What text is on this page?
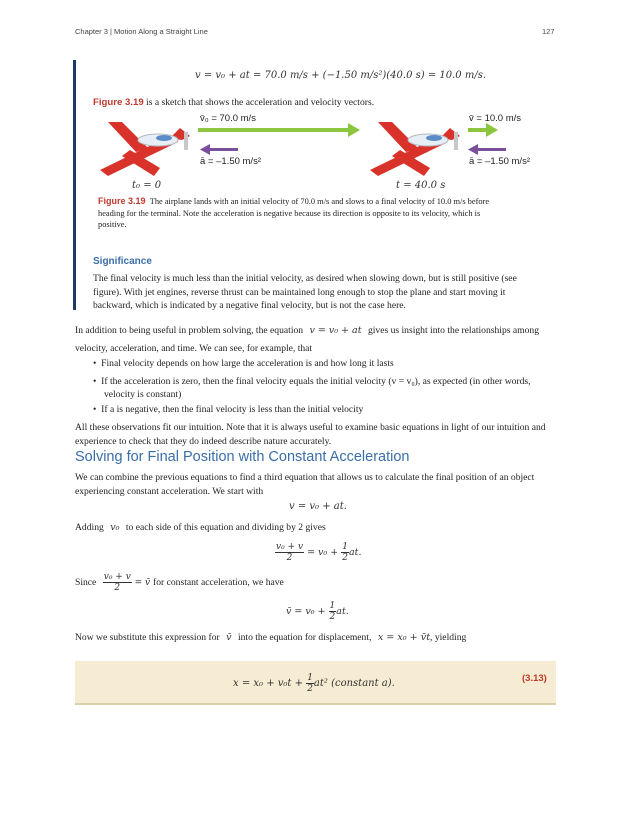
Chapter 3 | Motion Along a Straight Line	127
v = v₀ + at = 70.0 m/s + (−1.50 m/s²)(40.0 s) = 10.0 m/s.
Figure 3.19 is a sketch that shows the acceleration and velocity vectors.
v̄₀ = 70.0 m/s
ā = –1.50 m/s²
v̄ = 10.0 m/s
ā = –1.50 m/s²
t₀ = 0	t = 40.0 s
Figure 3.19 The airplane lands with an initial velocity of 70.0 m/s and slows to a final velocity of 10.0 m/s before
heading for the terminal. Note the acceleration is negative because its direction is opposite to its velocity, which is
positive.
Significance
The final velocity is much less than the initial velocity, as desired when slowing down, but is still positive (see
figure). With jet engines, reverse thrust can be maintained long enough to stop the plane and start moving it
backward, which is indicated by a negative final velocity, but is not the case here.
In addition to being useful in problem solving, the equation v = v₀ + at gives us insight into the relationships among
velocity, acceleration, and time. We can see, for example, that
•  Final velocity depends on how large the acceleration is and how long it lasts
•  If the acceleration is zero, then the final velocity equals the initial velocity (v = v₀), as expected (in other words,
velocity is constant)
•  If a is negative, then the final velocity is less than the initial velocity
All these observations fit our intuition. Note that it is always useful to examine basic equations in light of our intuition and
experience to check that they do indeed describe nature accurately.
Solving for Final Position with Constant Acceleration
We can combine the previous equations to find a third equation that allows us to calculate the final position of an object
experiencing constant acceleration. We start with
v = v₀ + at.
Adding v₀ to each side of this equation and dividing by 2 gives
$\frac{\text{v₀ + v}}{2} = v_0 + \frac{1}{2}$ at.
Since $\frac{\text{v₀ + v}}{2}$ = v̄ for constant acceleration, we have
v̄ = $v_0 + \frac{1}{2}$ at.
Now we substitute this expression for v̄ into the equation for displacement, x = x₀ + v̄t, yielding
$x = x_0 + v_0t + \frac{1}{2} at^2$ (constant a).	(3.13)
